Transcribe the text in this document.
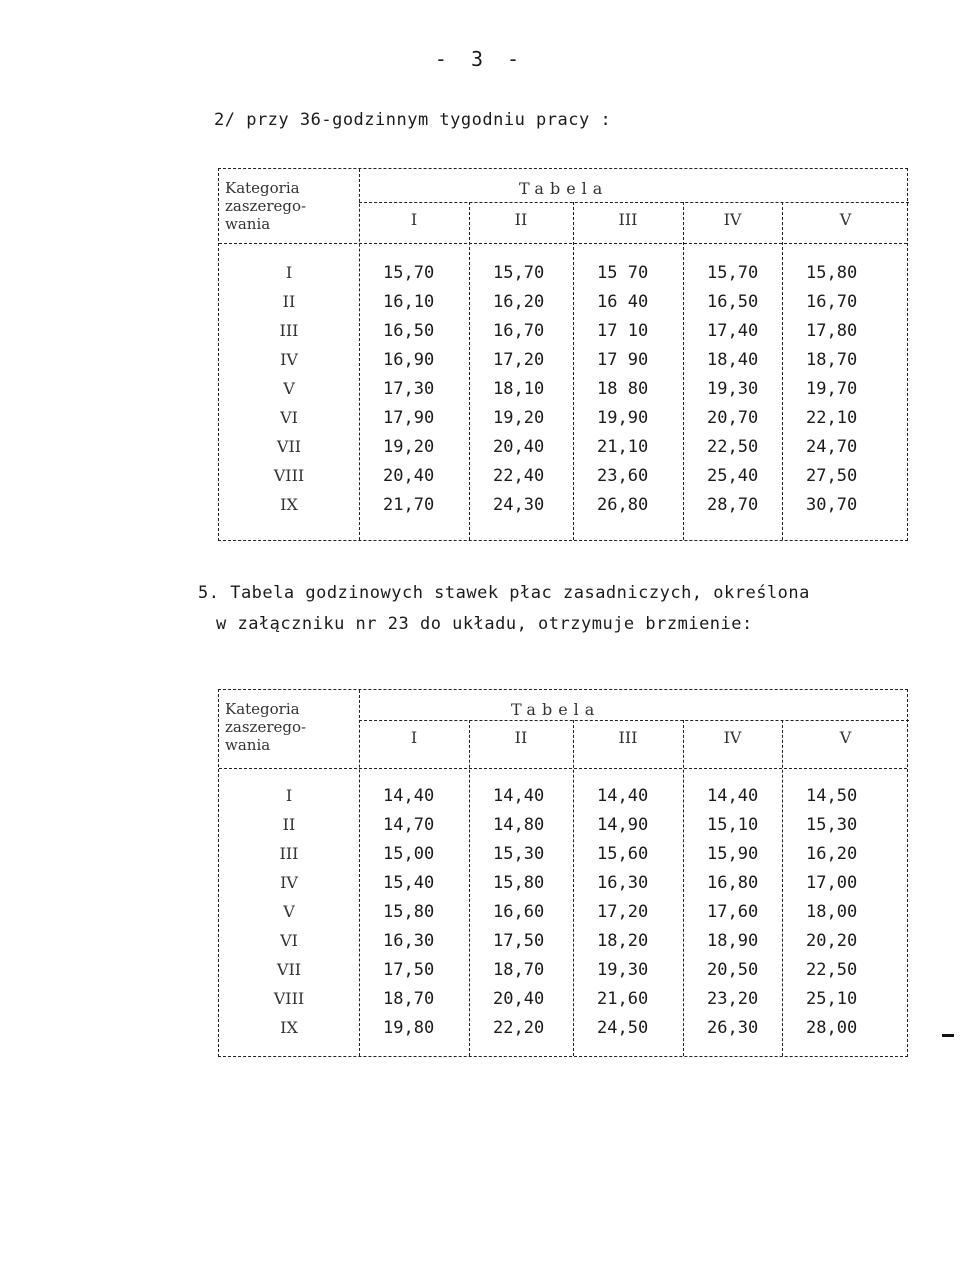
- 3 -
2/ przy 36-godzinnym tygodniu pracy :
Kategoria
zaszerego-
wania
Tabela
I	II	III	IV	V
I	15,70	15,70	15 70	15,70	15,80
II	16,10	16,20	16 40	16,50	16,70
III	16,50	16,70	17 10	17,40	17,80
IV	16,90	17,20	17 90	18,40	18,70
V	17,30	18,10	18 80	19,30	19,70
VI	17,90	19,20	19,90	20,70	22,10
VII	19,20	20,40	21,10	22,50	24,70
VIII	20,40	22,40	23,60	25,40	27,50
IX	21,70	24,30	26,80	28,70	30,70
5. Tabela godzinowych stawek płac zasadniczych, określona
w załączniku nr 23 do układu, otrzymuje brzmienie:
Kategoria
zaszerego-
wania
Tabela
I	II	III	IV	V
I	14,40	14,40	14,40	14,40	14,50
II	14,70	14,80	14,90	15,10	15,30
III	15,00	15,30	15,60	15,90	16,20
IV	15,40	15,80	16,30	16,80	17,00
V	15,80	16,60	17,20	17,60	18,00
VI	16,30	17,50	18,20	18,90	20,20
VII	17,50	18,70	19,30	20,50	22,50
VIII	18,70	20,40	21,60	23,20	25,10
IX	19,80	22,20	24,50	26,30	28,00
